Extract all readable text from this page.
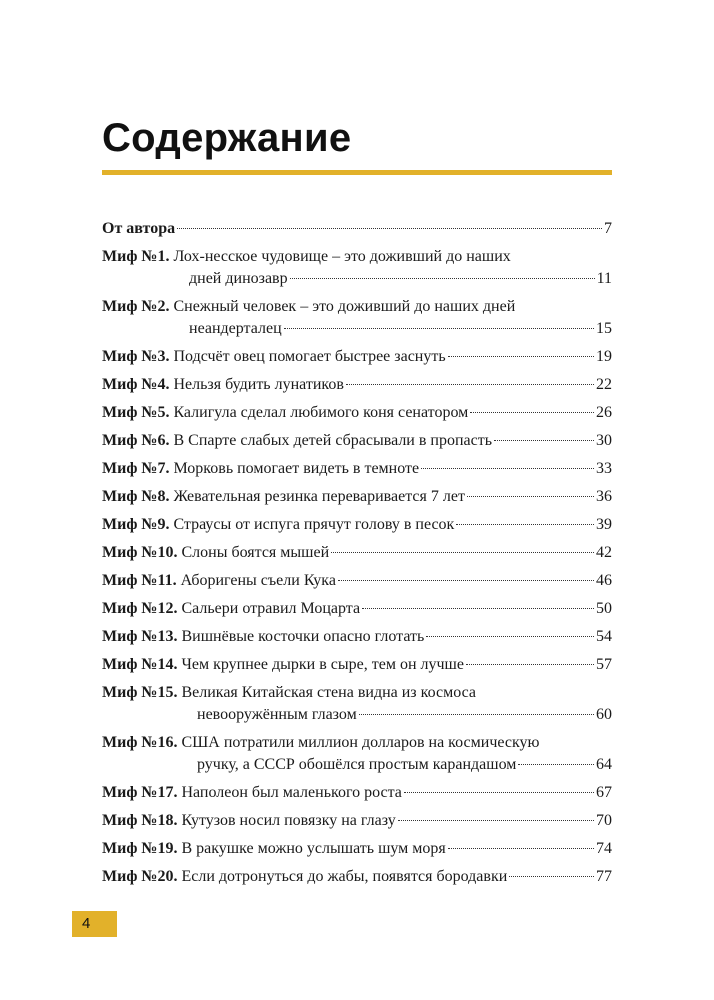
Содержание
От автора	7
Миф №1. Лох-несское чудовище – это доживший до наших
дней динозавр	11
Миф №2. Снежный человек – это доживший до наших дней
неандерталец	15
Миф №3. Подсчёт овец помогает быстрее заснуть	19
Миф №4. Нельзя будить лунатиков	22
Миф №5. Калигула сделал любимого коня сенатором	26
Миф №6. В Спарте слабых детей сбрасывали в пропасть	30
Миф №7. Морковь помогает видеть в темноте	33
Миф №8. Жевательная резинка переваривается 7 лет	36
Миф №9. Страусы от испуга прячут голову в песок	39
Миф №10. Слоны боятся мышей	42
Миф №11. Аборигены съели Кука	46
Миф №12. Сальери отравил Моцарта	50
Миф №13. Вишнёвые косточки опасно глотать	54
Миф №14. Чем крупнее дырки в сыре, тем он лучше	57
Миф №15. Великая Китайская стена видна из космоса
невооружённым глазом	60
Миф №16. США потратили миллион долларов на космическую
ручку, а СССР обошёлся простым карандашом	64
Миф №17. Наполеон был маленького роста	67
Миф №18. Кутузов носил повязку на глазу	70
Миф №19. В ракушке можно услышать шум моря	74
Миф №20. Если дотронуться до жабы, появятся бородавки	77
4
